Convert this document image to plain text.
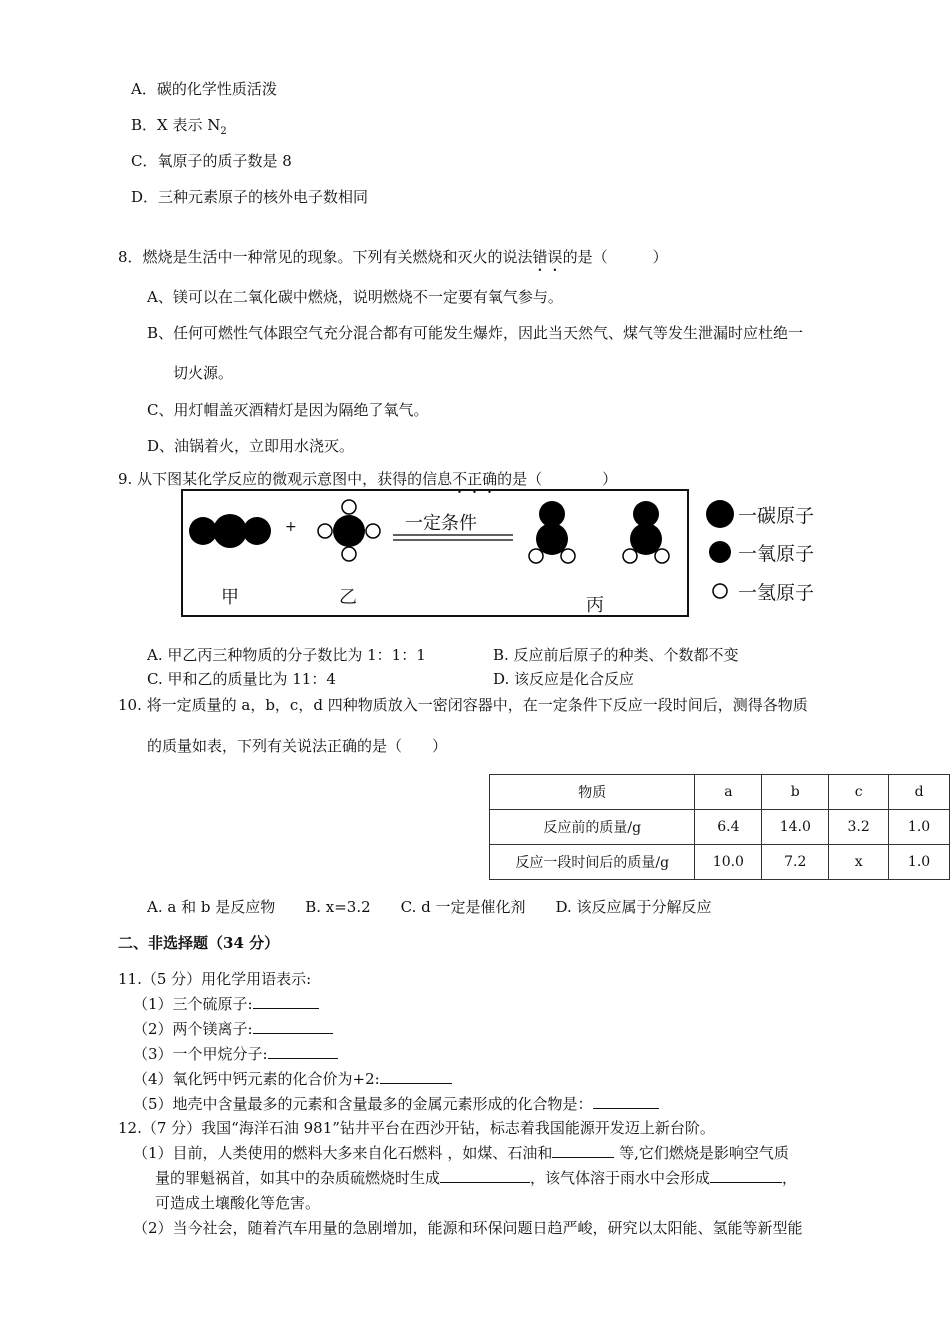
A．碳的化学性质活泼
B．X 表示 $N_2$
C．氧原子的质子数是 8
D．三种元素原子的核外电子数相同
8．燃烧是生活中一种常见的现象。下列有关燃烧和灭火的说法错误的是（　　　）
A、镁可以在二氧化碳中燃烧，说明燃烧不一定要有氧气参与。
B、任何可燃性气体跟空气充分混合都有可能发生爆炸，因此当天然气、煤气等发生泄漏时应杜绝一
切火源。
C、用灯帽盖灭酒精灯是因为隔绝了氧气。
D、油锅着火，立即用水浇灭。
9. 从下图某化学反应的微观示意图中，获得的信息不正确的是（　　　　）
+	一定条件
甲	乙	丙
一碳原子
一氧原子
一氢原子
A. 甲乙丙三种物质的分子数比为 1：1：1	B. 反应前后原子的种类、个数都不变
C. 甲和乙的质量比为 11：4	D. 该反应是化合反应
10. 将一定质量的 a，b，c，d 四种物质放入一密闭容器中，在一定条件下反应一段时间后，测得各物质
的质量如表，下列有关说法正确的是（　　）
物质	a	b	c	d
反应前的质量/g	6.4	14.0	3.2	1.0
反应一段时间后的质量/g	10.0	7.2	x	1.0
A. a 和 b 是反应物　　B. x=3.2　　C. d 一定是催化剂　　D. 该反应属于分解反应
二、非选择题（34 分）
11.（5 分）用化学用语表示:
（1）三个硫原子:
（2）两个镁离子:
（3）一个甲烷分子:
（4）氧化钙中钙元素的化合价为+2:
（5）地壳中含量最多的元素和含量最多的金属元素形成的化合物是：
12.（7 分）我国“海洋石油 981”钻井平台在西沙开钻，标志着我国能源开发迈上新台阶。
（1）目前，人类使用的燃料大多来自化石燃料 ，如煤、石油和	等,它们燃烧是影响空气质
量的罪魁祸首，如其中的杂质硫燃烧时生成	，该气体溶于雨水中会形成	，
可造成土壤酸化等危害。
（2）当今社会，随着汽车用量的急剧增加，能源和环保问题日趋严峻，研究以太阳能、氢能等新型能
